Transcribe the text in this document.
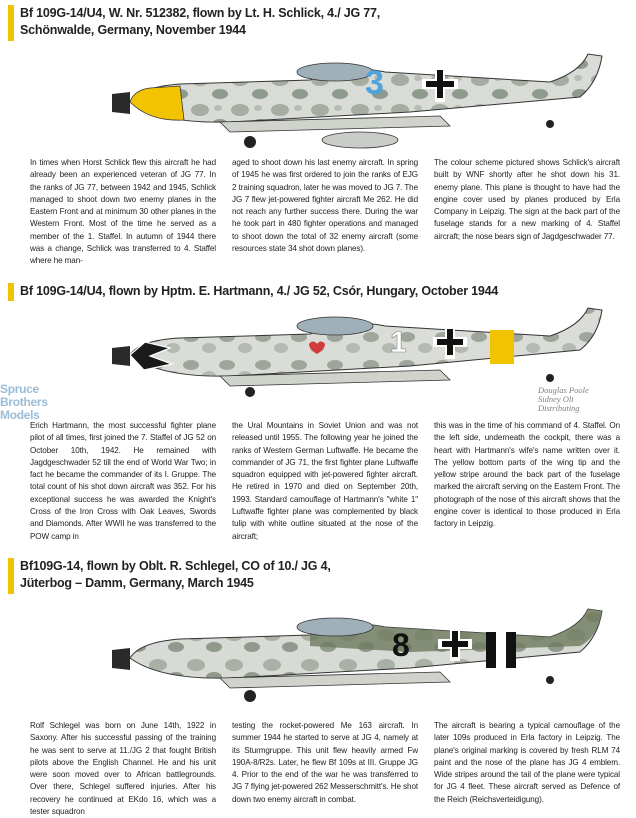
Bf 109G-14/U4, W. Nr. 512382, flown by Lt. H. Schlick, 4./ JG 77,
Schönwalde, Germany, November 1944
3
In times when Horst Schlick flew this aircraft he had already been an experienced veteran of JG 77. In the ranks of JG 77, between 1942 and 1945, Schlick managed to shoot down two enemy planes in the Eastern Front and at minimum 30 other planes in the Western Front. Most of the time he served as a member of the 1. Staffel. In autumn of 1944 there was a change, Schlick was transferred to 4. Staffel where he man-
aged to shoot down his last enemy aircraft. In spring of 1945 he was first ordered to join the ranks of EJG 2 training squadron, later he was moved to JG 7. The JG 7 flew jet-powered fighter aircraft Me 262. He did not reach any further success there. During the war he took part in 480 fighter operations and managed to shoot down the total of 32 enemy aircraft (some resources state 34 shot down planes).
The colour scheme pictured shows Schlick's aircraft built by WNF shortly after he shot down his 31. enemy plane. This plane is thought to have had the engine cover used by planes produced by Erla Company in Leipzig. The sign at the back part of the fuselage stands for a new marking of 4. Staffel aircraft; the nose bears sign of Jagdgeschwader 77.
Bf 109G-14/U4, flown by Hptm. E. Hartmann, 4./ JG 52, Csór, Hungary, October 1944
1
Spruce
Brothers
Models
Douglas Poole
Sidney Olt
Distributing
Erich Hartmann, the most successful fighter plane pilot of all times, first joined the 7. Staffel of JG 52 on October 10th, 1942. He remained with Jagdgeschwader 52 till the end of World War Two; in fact he became the commander of its I. Gruppe. The total count of his shot down aircraft was 352. For his exceptional success he was awarded the Knight's Cross of the Iron Cross with Oak Leaves, Swords and Diamonds. After WWII he was transferred to the POW camp in
the Ural Mountains in Soviet Union and was not released until 1955. The following year he joined the ranks of Western German Luftwaffe. He became the commander of JG 71, the first fighter plane Luftwaffe squadron equipped with jet-powered fighter aircraft. He retired in 1970 and died on September 20th, 1993. Standard camouflage of Hartmann's "white 1" Luftwaffe fighter plane was complemented by black tulip with white outline situated at the nose of the aircraft;
this was in the time of his command of 4. Staffel. On the left side, underneath the cockpit, there was a heart with Hartmann's wife's name written over it. The yellow bottom parts of the wing tip and the yellow stripe around the back part of the fuselage marked the aircraft serving on the Eastern Front. The photograph of the nose of this aircraft shows that the engine cover is identical to those produced in Erla factory in Leipzig.
Bf109G-14, flown by Oblt. R. Schlegel, CO of 10./ JG 4,
Jüterbog – Damm, Germany, March 1945
8
Rolf Schlegel was born on June 14th, 1922 in Saxony. After his successful passing of the training he was sent to serve at 11./JG 2 that fought British pilots above the English Channel. He and his unit were soon moved over to African battlegrounds. Over there, Schlegel suffered injuries. After his recovery he continued at EKdo 16, which was a tester squadron
testing the rocket-powered Me 163 aircraft. In summer 1944 he started to serve at JG 4, namely at its Sturmgruppe. This unit flew heavily armed Fw 190A-8/R2s. Later, he flew Bf 109s at III. Gruppe JG 4. Prior to the end of the war he was transferred to JG 7 flying jet-powered 262 Messerschmitt's. He shot down two enemy aircraft in combat.
The aircraft is bearing a typical camouflage of the later 109s produced in Erla factory in Leipzig. The plane's original marking is covered by fresh RLM 74 paint and the nose of the plane has JG 4 emblem. Wide stripes around the tail of the plane were typical for JG 4 fleet. These aircraft served as Defence of the Reich (Reichsverteidigung).
